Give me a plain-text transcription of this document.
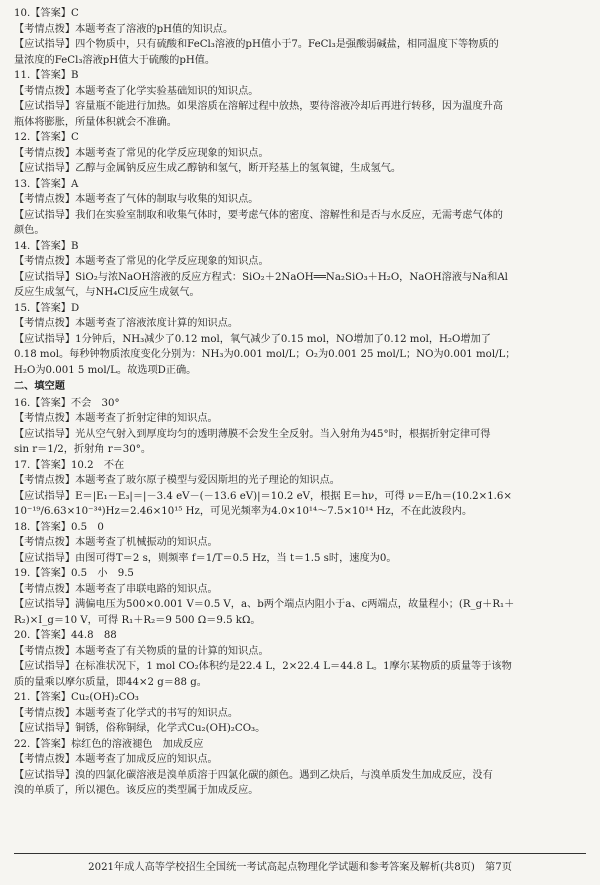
10.【答案】C
【考情点拨】本题考查了溶液的pH值的知识点。
【应试指导】四个物质中，只有硫酸和FeCl₃溶液的pH值小于7。FeCl₃是强酸弱碱盐，相同温度下等物质的
量浓度的FeCl₃溶液pH值大于硫酸的pH值。
11.【答案】B
【考情点拨】本题考查了化学实验基础知识的知识点。
【应试指导】容量瓶不能进行加热。如果溶质在溶解过程中放热，要待溶液冷却后再进行转移，因为温度升高
瓶体将膨胀，所量体积就会不准确。
12.【答案】C
【考情点拨】本题考查了常见的化学反应现象的知识点。
【应试指导】乙醇与金属钠反应生成乙醇钠和氢气，断开羟基上的氢氧键，生成氢气。
13.【答案】A
【考情点拨】本题考查了气体的制取与收集的知识点。
【应试指导】我们在实验室制取和收集气体时，要考虑气体的密度、溶解性和是否与水反应，无需考虑气体的
颜色。
14.【答案】B
【考情点拨】本题考查了常见的化学反应现象的知识点。
【应试指导】SiO₂与浓NaOH溶液的反应方程式：SiO₂＋2NaOH══Na₂SiO₃＋H₂O，NaOH溶液与Na和Al
反应生成氢气，与NH₄Cl反应生成氨气。
15.【答案】D
【考情点拨】本题考查了溶液浓度计算的知识点。
【应试指导】1分钟后，NH₃减少了0.12 mol，氧气减少了0.15 mol，NO增加了0.12 mol，H₂O增加了
0.18 mol。每秒钟物质浓度变化分别为：NH₃为0.001 mol/L；O₂为0.001 25 mol/L；NO为0.001 mol/L；
H₂O为0.001 5 mol/L。故选项D正确。
二、填空题
16.【答案】不会　30°
【考情点拨】本题考查了折射定律的知识点。
【应试指导】光从空气射入到厚度均匀的透明薄膜不会发生全反射。当入射角为45°时，根据折射定律可得
sin r＝1/2，折射角 r＝30°。
17.【答案】10.2　不在
【考情点拨】本题考查了玻尔原子模型与爱因斯坦的光子理论的知识点。
【应试指导】E＝|E₁－E₃|＝|－3.4 eV－(－13.6 eV)|＝10.2 eV，根据 E＝hν，可得 ν＝E/h＝(10.2×1.6×
10⁻¹⁹/6.63×10⁻³⁴)Hz＝2.46×10¹⁵ Hz，可见光频率为4.0×10¹⁴～7.5×10¹⁴ Hz，不在此波段内。
18.【答案】0.5　0
【考情点拨】本题考查了机械振动的知识点。
【应试指导】由图可得T＝2 s，则频率 f＝1/T＝0.5 Hz，当 t＝1.5 s时，速度为0。
19.【答案】0.5　小　9.5
【考情点拨】本题考查了串联电路的知识点。
【应试指导】满偏电压为500×0.001 V＝0.5 V，a、b两个端点内阻小于a、c两端点，故量程小；(R_g＋R₁＋
R₂)×I_g＝10 V，可得 R₁＋R₂＝9 500 Ω＝9.5 kΩ。
20.【答案】44.8　88
【考情点拨】本题考查了有关物质的量的计算的知识点。
【应试指导】在标准状况下，1 mol CO₂体积约是22.4 L，2×22.4 L＝44.8 L。1摩尔某物质的质量等于该物
质的量乘以摩尔质量，即44×2 g＝88 g。
21.【答案】Cu₂(OH)₂CO₃
【考情点拨】本题考查了化学式的书写的知识点。
【应试指导】铜锈，俗称铜绿，化学式Cu₂(OH)₂CO₃。
22.【答案】棕红色的溶液褪色　加成反应
【考情点拨】本题考查了加成反应的知识点。
【应试指导】溴的四氯化碳溶液是溴单质溶于四氯化碳的颜色。遇到乙炔后，与溴单质发生加成反应，没有
溴的单质了，所以褪色。该反应的类型属于加成反应。
2021年成人高等学校招生全国统一考试高起点物理化学试题和参考答案及解析(共8页)　第7页
